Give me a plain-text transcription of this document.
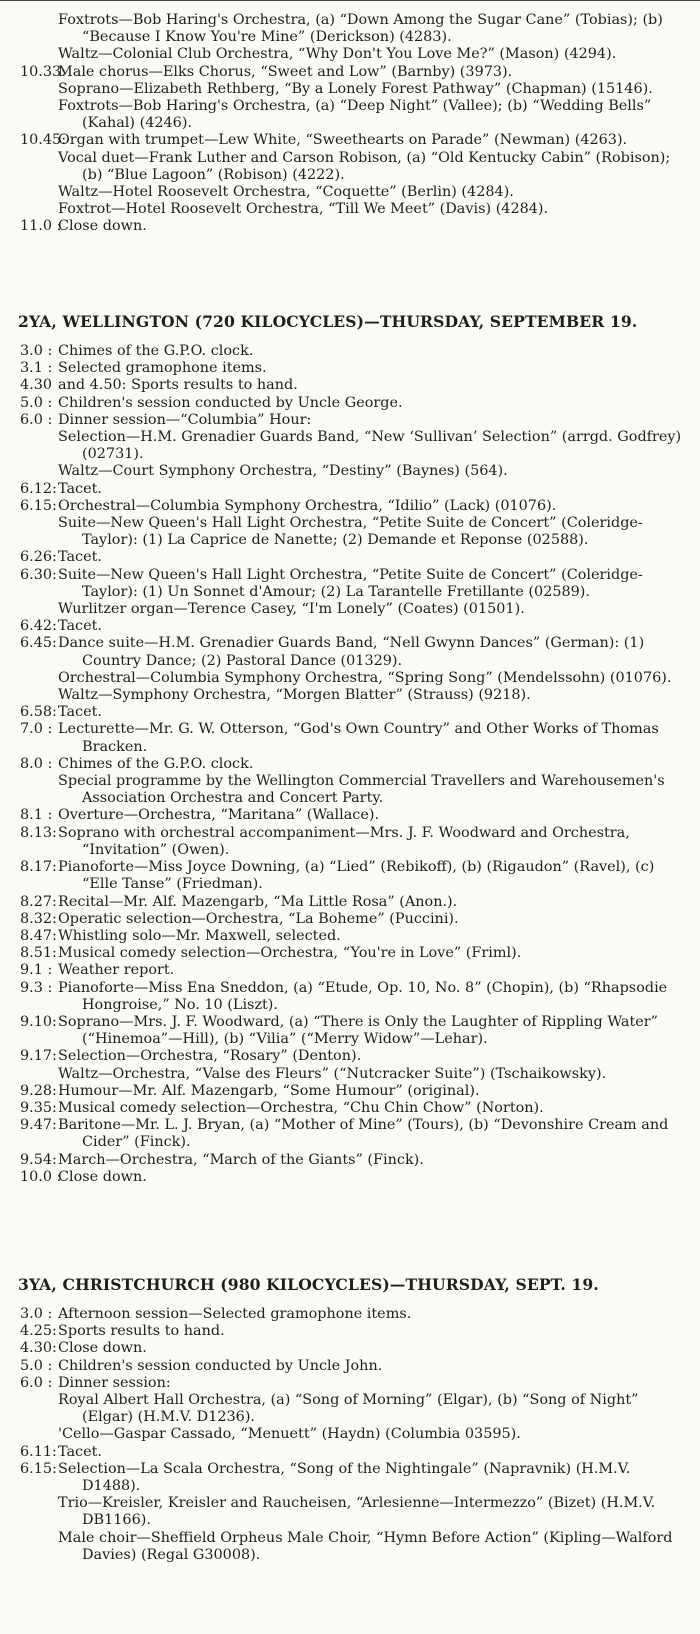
Foxtrots—Bob Haring's Orchestra, (a) “Down Among the Sugar Cane” (Tobias); (b) “Because I Know You're Mine” (Derickson) (4283).
Waltz—Colonial Club Orchestra, “Why Don't You Love Me?” (Mason) (4294).
10.33:
Male chorus—Elks Chorus, “Sweet and Low” (Barnby) (3973).
Soprano—Elizabeth Rethberg, “By a Lonely Forest Pathway” (Chapman) (15146).
Foxtrots—Bob Haring's Orchestra, (a) “Deep Night” (Vallee); (b) “Wedding Bells” (Kahal) (4246).
10.45:
Organ with trumpet—Lew White, “Sweethearts on Parade” (Newman) (4263).
Vocal duet—Frank Luther and Carson Robison, (a) “Old Kentucky Cabin” (Robison); (b) “Blue Lagoon” (Robison) (4222).
Waltz—Hotel Roosevelt Orchestra, “Coquette” (Berlin) (4284).
Foxtrot—Hotel Roosevelt Orchestra, “Till We Meet” (Davis) (4284).
11.0 :
Close down.
2YA, WELLINGTON (720 KILOCYCLES)—THURSDAY, SEPTEMBER 19.
3.0 : Chimes of the G.P.O. clock.
3.1 : Selected gramophone items.
4.30 and 4.50: Sports results to hand.
5.0 : Children's session conducted by Uncle George.
6.0 : Dinner session—“Columbia” Hour:
Selection—H.M. Grenadier Guards Band, “New ‘Sullivan’ Selection” (arrgd. Godfrey) (02731).
Waltz—Court Symphony Orchestra, “Destiny” (Baynes) (564).
6.12: Tacet.
6.15: Orchestral—Columbia Symphony Orchestra, “Idilio” (Lack) (01076).
Suite—New Queen's Hall Light Orchestra, “Petite Suite de Concert” (Coleridge-Taylor): (1) La Caprice de Nanette; (2) Demande et Reponse (02588).
6.26: Tacet.
6.30: Suite—New Queen's Hall Light Orchestra, “Petite Suite de Concert” (Coleridge-Taylor): (1) Un Sonnet d'Amour; (2) La Tarantelle Fretillante (02589).
Wurlitzer organ—Terence Casey, “I'm Lonely” (Coates) (01501).
6.42: Tacet.
6.45: Dance suite—H.M. Grenadier Guards Band, “Nell Gwynn Dances” (German): (1) Country Dance; (2) Pastoral Dance (01329).
Orchestral—Columbia Symphony Orchestra, “Spring Song” (Mendelssohn) (01076).
Waltz—Symphony Orchestra, “Morgen Blatter” (Strauss) (9218).
6.58: Tacet.
7.0 : Lecturette—Mr. G. W. Otterson, “God's Own Country” and Other Works of Thomas Bracken.
8.0 : Chimes of the G.P.O. clock.
Special programme by the Wellington Commercial Travellers and Warehousemen's Association Orchestra and Concert Party.
8.1 : Overture—Orchestra, “Maritana” (Wallace).
8.13: Soprano with orchestral accompaniment—Mrs. J. F. Woodward and Orchestra, “Invitation” (Owen).
8.17: Pianoforte—Miss Joyce Downing, (a) “Lied” (Rebikoff), (b) (Rigaudon” (Ravel), (c) “Elle Tanse” (Friedman).
8.27: Recital—Mr. Alf. Mazengarb, “Ma Little Rosa” (Anon.).
8.32: Operatic selection—Orchestra, “La Boheme” (Puccini).
8.47: Whistling solo—Mr. Maxwell, selected.
8.51: Musical comedy selection—Orchestra, “You're in Love” (Friml).
9.1 : Weather report.
9.3 : Pianoforte—Miss Ena Sneddon, (a) “Etude, Op. 10, No. 8” (Chopin), (b) “Rhapsodie Hongroise,” No. 10 (Liszt).
9.10: Soprano—Mrs. J. F. Woodward, (a) “There is Only the Laughter of Rippling Water” (“Hinemoa”—Hill), (b) “Vilia” (“Merry Widow”—Lehar).
9.17: Selection—Orchestra, “Rosary” (Denton).
Waltz—Orchestra, “Valse des Fleurs” (“Nutcracker Suite”) (Tschaikowsky).
9.28: Humour—Mr. Alf. Mazengarb, “Some Humour” (original).
9.35: Musical comedy selection—Orchestra, “Chu Chin Chow” (Norton).
9.47: Baritone—Mr. L. J. Bryan, (a) “Mother of Mine” (Tours), (b) “Devonshire Cream and Cider” (Finck).
9.54: March—Orchestra, “March of the Giants” (Finck).
10.0 :
Close down.
3YA, CHRISTCHURCH (980 KILOCYCLES)—THURSDAY, SEPT. 19.
3.0 : Afternoon session—Selected gramophone items.
4.25: Sports results to hand.
4.30: Close down.
5.0 : Children's session conducted by Uncle John.
6.0 : Dinner session:
Royal Albert Hall Orchestra, (a) “Song of Morning” (Elgar), (b) “Song of Night” (Elgar) (H.M.V. D1236).
'Cello—Gaspar Cassado, “Menuett” (Haydn) (Columbia 03595).
6.11: Tacet.
6.15: Selection—La Scala Orchestra, “Song of the Nightingale” (Napravnik) (H.M.V. D1488).
Trio—Kreisler, Kreisler and Raucheisen, “Arlesienne—Intermezzo” (Bizet) (H.M.V. DB1166).
Male choir—Sheffield Orpheus Male Choir, “Hymn Before Action” (Kipling—Walford Davies) (Regal G30008).
